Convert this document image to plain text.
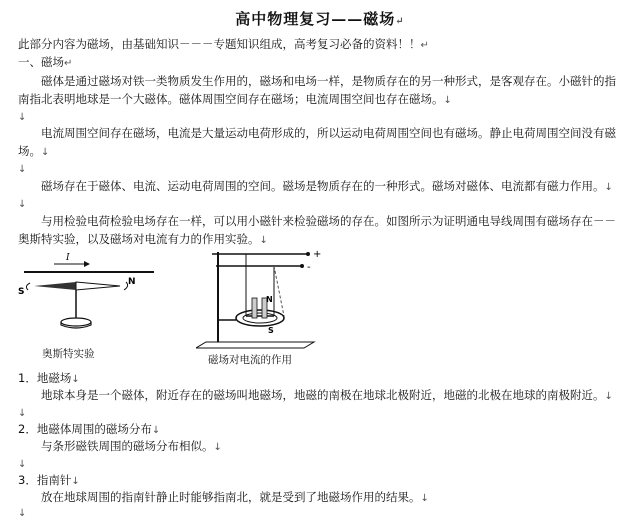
高中物理复习——磁场↵
此部分内容为磁场，由基础知识－－－专题知识组成，高考复习必备的资料！！↵
一、磁场↵
磁体是通过磁场对铁一类物质发生作用的，磁场和电场一样，是物质存在的另一种形式，是客观存在。小磁针的指南指北表明地球是一个大磁体。磁体周围空间存在磁场；电流周围空间也存在磁场。↓
↓
电流周围空间存在磁场，电流是大量运动电荷形成的，所以运动电荷周围空间也有磁场。静止电荷周围空间没有磁场。↓
↓
磁场存在于磁体、电流、运动电荷周围的空间。磁场是物质存在的一种形式。磁场对磁体、电流都有磁力作用。↓
↓
与用检验电荷检验电场存在一样，可以用小磁针来检验磁场的存在。如图所示为证明通电导线周围有磁场存在－－奥斯特实验，以及磁场对电流有力的作用实验。↓
I
S
N
奥斯特实验
+
-
N
S
磁场对电流的作用
1．地磁场↓
地球本身是一个磁体，附近存在的磁场叫地磁场，地磁的南极在地球北极附近，地磁的北极在地球的南极附近。↓
↓
2．地磁体周围的磁场分布↓
与条形磁铁周围的磁场分布相似。↓
↓
3．指南针↓
放在地球周围的指南针静止时能够指南北，就是受到了地磁场作用的结果。↓
↓
